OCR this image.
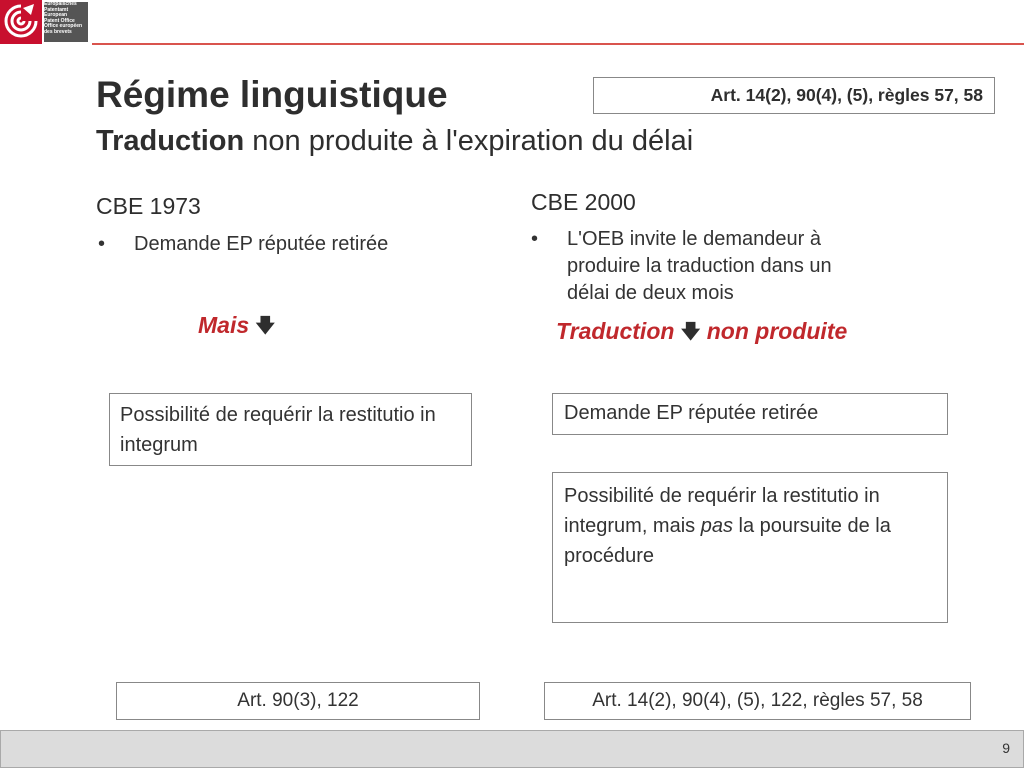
Europäisches
Patentamt
European
Patent Office
Office européen
des brevets
Régime linguistique
Traduction non produite à l'expiration du délai
Art. 14(2), 90(4), (5), règles 57, 58
CBE 1973
• Demande EP réputée retirée
Mais 🡇
Possibilité de requérir la restitutio in integrum
Art. 90(3), 122
CBE 2000
• L'OEB invite le demandeur à
produire la traduction dans un
délai de deux mois
Traduction 🡇 non produite
Demande EP réputée retirée
Possibilité de requérir la restitutio in integrum, mais pas la poursuite de la procédure
Art. 14(2), 90(4), (5), 122, règles 57, 58
9
